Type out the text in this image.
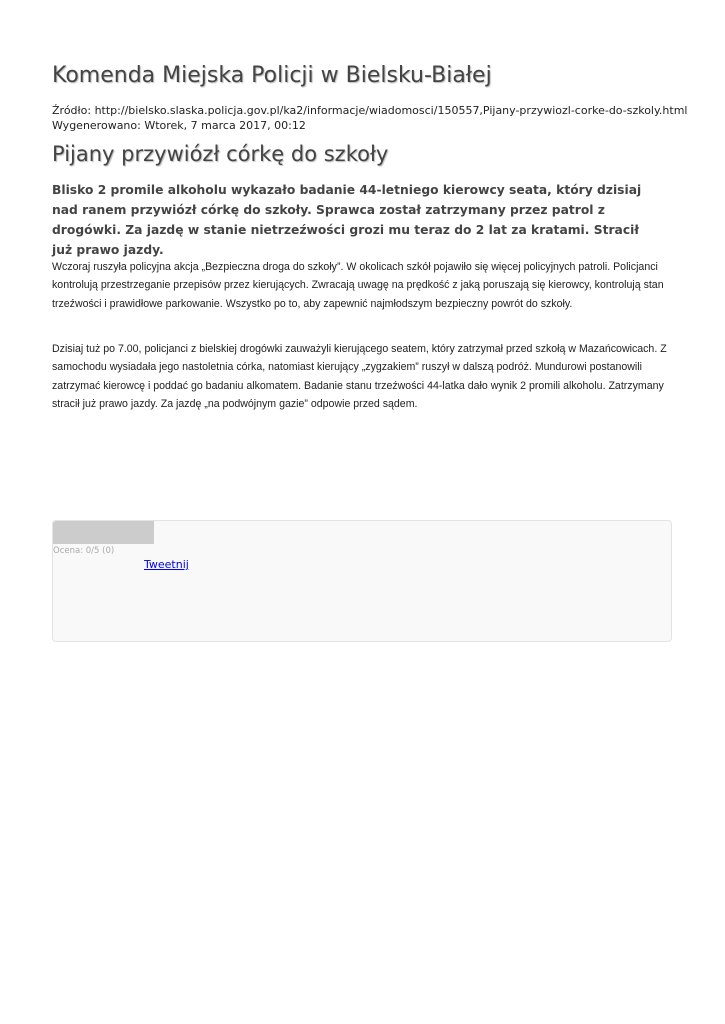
Komenda Miejska Policji w Bielsku-Białej
Źródło: http://bielsko.slaska.policja.gov.pl/ka2/informacje/wiadomosci/150557,Pijany-przywiozl-corke-do-szkoly.html
Wygenerowano: Wtorek, 7 marca 2017, 00:12
Pijany przywiózł córkę do szkoły

Blisko 2 promile alkoholu wykazało badanie 44-letniego kierowcy seata, który dzisiaj nad ranem przywiózł córkę do szkoły. Sprawca został zatrzymany przez patrol z drogówki. Za jazdę w stanie nietrzeźwości grozi mu teraz do 2 lat za kratami. Stracił już prawo jazdy.

Wczoraj ruszyła policyjna akcja „Bezpieczna droga do szkoły”. W okolicach szkół pojawiło się więcej policyjnych patroli. Policjanci kontrolują przestrzeganie przepisów przez kierujących. Zwracają uwagę na prędkość z jaką poruszają się kierowcy, kontrolują stan trzeźwości i prawidłowe parkowanie. Wszystko po to, aby zapewnić najmłodszym bezpieczny powrót do szkoły.

Dzisiaj tuż po 7.00, policjanci z bielskiej drogówki zauważyli kierującego seatem, który zatrzymał przed szkołą w Mazańcowicach. Z samochodu wysiadała jego nastoletnia córka, natomiast kierujący „zygzakiem” ruszył w dalszą podróż. Mundurowi postanowili zatrzymać kierowcę i poddać go badaniu alkomatem. Badanie stanu trzeźwości 44-latka dało wynik 2 promili alkoholu. Zatrzymany stracił już prawo jazdy. Za jazdę „na podwójnym gazie” odpowie przed sądem.

Ocena: 0/5 (0)
Tweetnij
